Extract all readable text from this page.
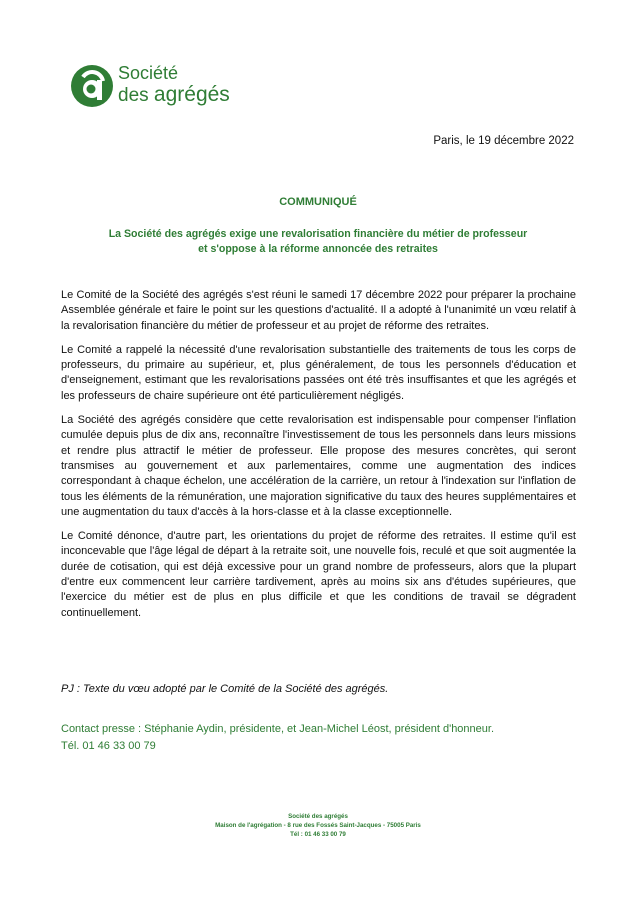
Société
des agrégés
Paris, le 19 décembre 2022
COMMUNIQUÉ
La Société des agrégés exige une revalorisation financière du métier de professeur
et s'oppose à la réforme annoncée des retraites

Le Comité de la Société des agrégés s'est réuni le samedi 17 décembre 2022 pour préparer la prochaine Assemblée générale et faire le point sur les questions d'actualité. Il a adopté à l'unanimité un vœu relatif à la revalorisation financière du métier de professeur et au projet de réforme des retraites.

Le Comité a rappelé la nécessité d'une revalorisation substantielle des traitements de tous les corps de professeurs, du primaire au supérieur, et, plus généralement, de tous les personnels d'éducation et d'enseignement, estimant que les revalorisations passées ont été très insuffisantes et que les agrégés et les professeurs de chaire supérieure ont été particulièrement négligés.

La Société des agrégés considère que cette revalorisation est indispensable pour compenser l'inflation cumulée depuis plus de dix ans, reconnaître l'investissement de tous les personnels dans leurs missions et rendre plus attractif le métier de professeur. Elle propose des mesures concrètes, qui seront transmises au gouvernement et aux parlementaires, comme une augmentation des indices correspondant à chaque échelon, une accélération de la carrière, un retour à l'indexation sur l'inflation de tous les éléments de la rémunération, une majoration significative du taux des heures supplémentaires et une augmentation du taux d'accès à la hors-classe et à la classe exceptionnelle.

Le Comité dénonce, d'autre part, les orientations du projet de réforme des retraites. Il estime qu'il est inconcevable que l'âge légal de départ à la retraite soit, une nouvelle fois, reculé et que soit augmentée la durée de cotisation, qui est déjà excessive pour un grand nombre de professeurs, alors que la plupart d'entre eux commencent leur carrière tardivement, après au moins six ans d'études supérieures, que l'exercice du métier est de plus en plus difficile et que les conditions de travail se dégradent continuellement.

PJ : Texte du vœu adopté par le Comité de la Société des agrégés.
Contact presse : Stéphanie Aydin, présidente, et Jean-Michel Léost, président d'honneur.
Tél. 01 46 33 00 79
Société des agrégés
Maison de l'agrégation - 8 rue des Fossés Saint-Jacques - 75005 Paris
Tél : 01 46 33 00 79
